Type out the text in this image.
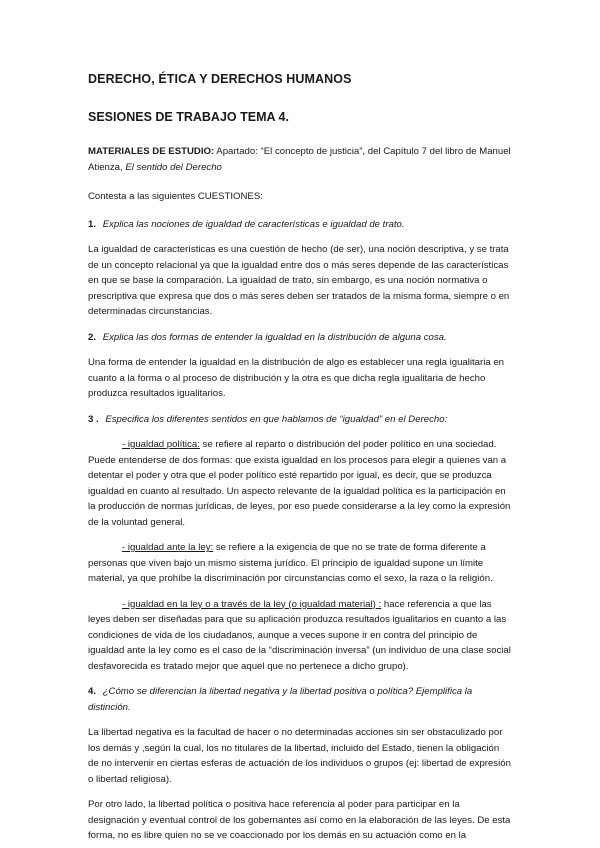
DERECHO, ÉTICA Y DERECHOS HUMANOS
SESIONES DE TRABAJO TEMA 4.

MATERIALES DE ESTUDIO: Apartado: “El concepto de justicia”, del Capítulo 7 del libro de Manuel Atienza, El sentido del Derecho

Contesta a las siguientes CUESTIONES:

1. Explica las nociones de igualdad de características e igualdad de trato.

La igualdad de características es una cuestión de hecho (de ser), una noción descriptiva, y se trata de un concepto relacional ya que la igualdad entre dos o más seres depende de las características en que se base la comparación. La igualdad de trato, sin embargo, es una noción normativa o prescriptiva que expresa que dos o más seres deben ser tratados de la misma forma, siempre o en determinadas circunstancias.

2. Explica las dos formas de entender la igualdad en la distribución de alguna cosa.

Una forma de entender la igualdad en la distribución de algo es establecer una regla igualitaria en cuanto a la forma o al proceso de distribución y la otra es que dicha regla igualitaria de hecho produzca resultados igualitarios.

3 . Especifica los diferentes sentidos en que hablamos de “igualdad” en el Derecho:

- igualdad política: se refiere al reparto o distribución del poder político en una sociedad. Puede entenderse de dos formas: que exista igualdad en los procesos para elegir a quienes van a detentar el poder y otra que el poder político esté repartido por igual, es decir, que se produzca igualdad en cuanto al resultado. Un aspecto relevante de la igualdad política es la participación en la producción de normas jurídicas, de leyes, por eso puede considerarse a la ley como la expresión de la voluntad general.

- igualdad ante la ley: se refiere a la exigencia de que no se trate de forma diferente a personas que viven bajo un mismo sistema jurídico. El principio de igualdad supone un límite material, ya que prohíbe la discriminación por circunstancias como el sexo, la raza o la religión.

- igualdad en la ley o a través de la ley (o igualdad material) : hace referencia a que las leyes deben ser diseñadas para que su aplicación produzca resultados igualitarios en cuanto a las condiciones de vida de los ciudadanos, aunque a veces supone ir en contra del principio de igualdad ante la ley como es el caso de la “discriminación inversa” (un individuo de una clase social desfavorecida es tratado mejor que aquel que no pertenece a dicho grupo).

4. ¿Cómo se diferencian la libertad negativa y la libertad positiva o política? Ejemplifica la distinción.

La libertad negativa es la facultad de hacer o no determinadas acciones sin ser obstaculizado por los demás y ,según la cual, los no titulares de la libertad, incluido del Estado, tienen la obligación de no intervenir en ciertas esferas de actuación de los individuos o grupos (ej: libertad de expresión o libertad religiosa).

Por otro lado, la libertad política o positiva hace referencia al poder para participar en la designación y eventual control de los gobernantes así como en la elaboración de las leyes. De esta forma, no es libre quien no se ve coaccionado por los demás en su actuación como en la
